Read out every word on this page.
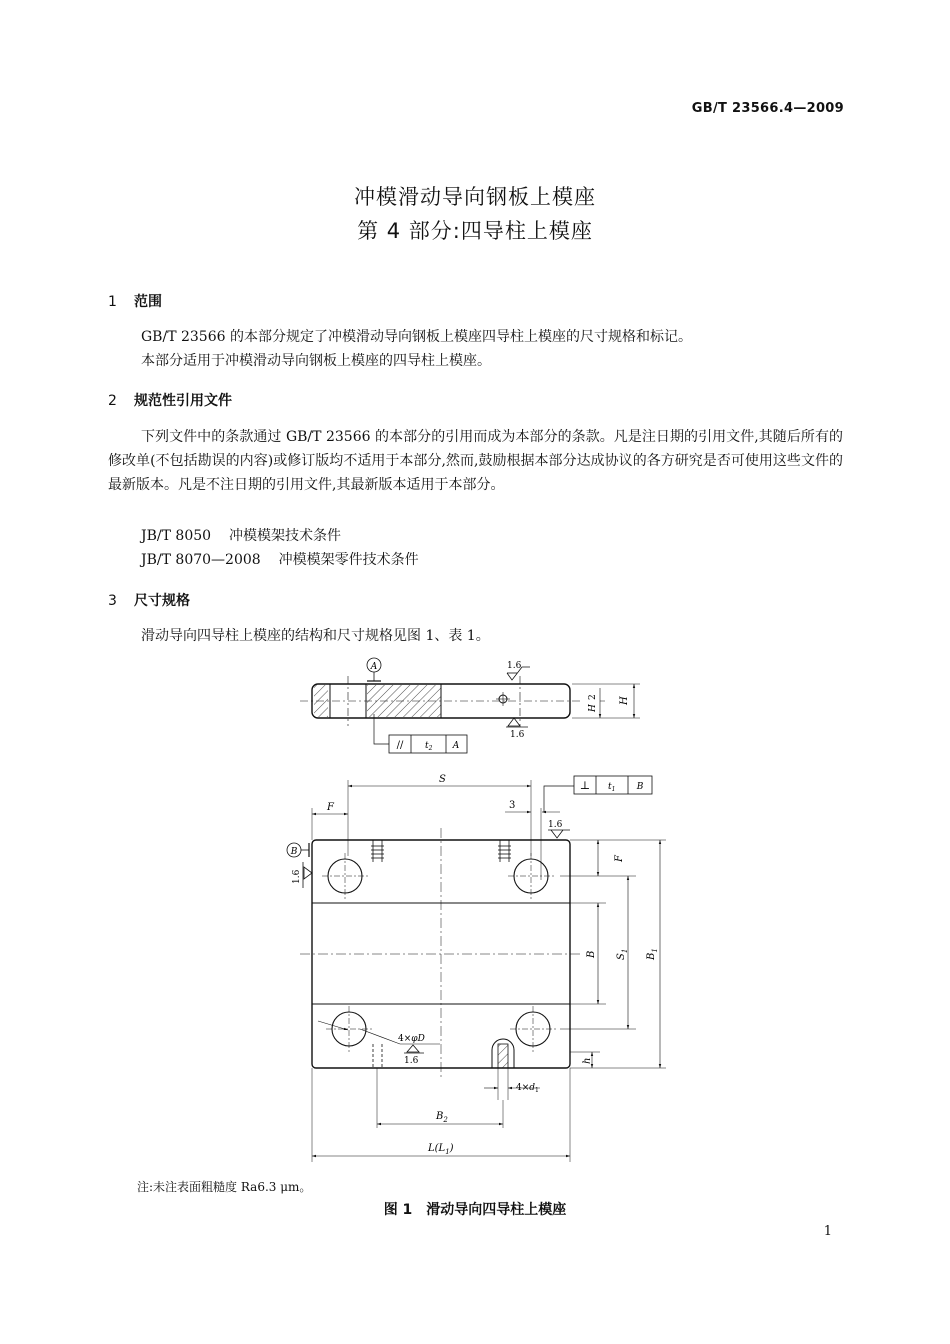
GB/T 23566.4—2009
冲模滑动导向钢板上模座
第 4 部分:四导柱上模座
1 范围
GB/T 23566 的本部分规定了冲模滑动导向钢板上模座四导柱上模座的尺寸规格和标记。
本部分适用于冲模滑动导向钢板上模座的四导柱上模座。
2 规范性引用文件
下列文件中的条款通过 GB/T 23566 的本部分的引用而成为本部分的条款。凡是注日期的引用文件,其随后所有的修改单(不包括勘误的内容)或修订版均不适用于本部分,然而,鼓励根据本部分达成协议的各方研究是否可使用这些文件的最新版本。凡是不注日期的引用文件,其最新版本适用于本部分。
JB/T 8050 冲模模架技术条件
JB/T 8070—2008 冲模模架零件技术条件
3 尺寸规格
滑动导向四导柱上模座的结构和尺寸规格见图 1、表 1。
A	1.6
1.6
// $t_2$ A
H
2 H
B
1.6
S
F	3
⊥ $t_1$ B
1.6
F
B $S_1$
$B_1$
h
4×φD
1.6
$4\times d_1$
$B_2$
$L(L_1)$
注:未注表面粗糙度 Ra6.3 μm。
图 1　滑动导向四导柱上模座
1
